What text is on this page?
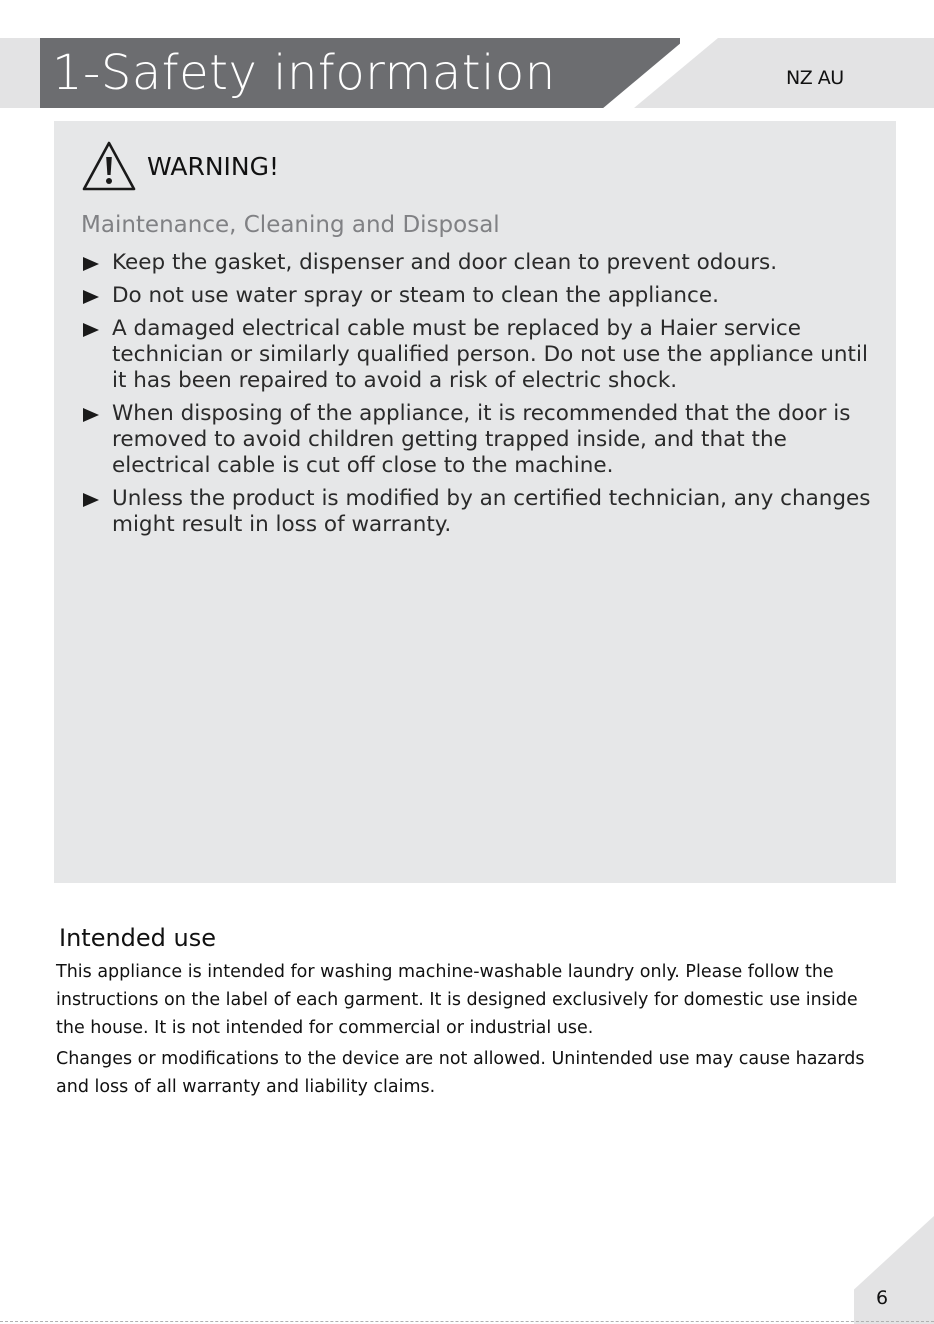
1-Safety information	NZ AU
WARNING!
Maintenance, Cleaning and Disposal
Keep the gasket, dispenser and door clean to prevent odours.
Do not use water spray or steam to clean the appliance.
A damaged electrical cable must be replaced by a Haier service technician or similarly qualified person. Do not use the appliance until it has been repaired to avoid a risk of electric shock.
When disposing of the appliance, it is recommended that the door is removed to avoid children getting trapped inside, and that the electrical cable is cut off close to the machine.
Unless the product is modified by an certified technician, any changes might result in loss of warranty.
Intended use

This appliance is intended for washing machine-washable laundry only. Please follow the instructions on the label of each garment. It is designed exclusively for domestic use inside the house. It is not intended for commercial or industrial use.

Changes or modifications to the device are not allowed. Unintended use may cause hazards and loss of all warranty and liability claims.

6
